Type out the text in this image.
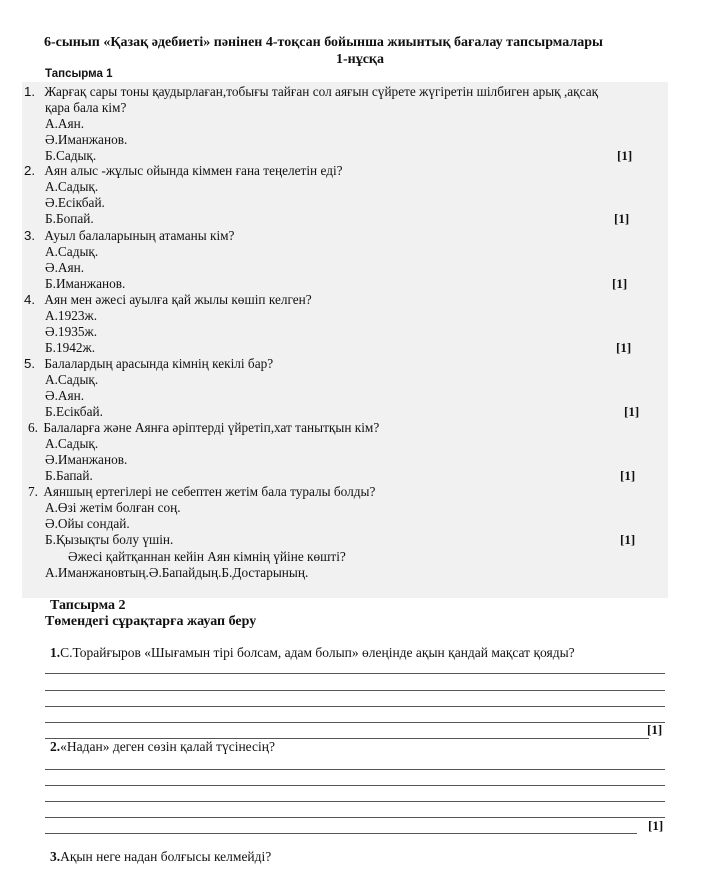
6-сынып «Қазақ әдебиеті» пәнінен 4-тоқсан бойынша жиынтық бағалау тапсырмалары
1-нұсқа
Тапсырма 1
1. Жарғақ сары тоны қаудырлаған,тобығы тайған сол аяғын сүйрете жүгіретін шілбиген арық ,ақсақ
қара бала кім?
А.Аян.
Ә.Иманжанов.
Б.Садық.	[1]
2. Аян алыс -жұлыс ойында кіммен ғана теңелетін еді?
А.Садық.
Ә.Есікбай.
Б.Бопай.	[1]
3. Ауыл балаларының атаманы кім?
А.Садық.
Ә.Аян.
Б.Иманжанов.	[1]
4. Аян мен әжесі ауылға қай жылы көшіп келген?
А.1923ж.
Ә.1935ж.
Б.1942ж.	[1]
5. Балалардың арасында кімнің кекілі бар?
А.Садық.
Ә.Аян.
Б.Есікбай.	[1]
6. Балаларға және Аянға әріптерді үйретіп,хат танытқын кім?
А.Садық.
Ә.Иманжанов.
Б.Бапай.	[1]
7. Аяншың ертегілері не себептен жетім бала туралы болды?
А.Өзі жетім болған соң.
Ә.Ойы сондай.
Б.Қызықты болу үшін.	[1]
Әжесі қайтқаннан кейін Аян кімнің үйіне көшті?
А.Иманжановтың.Ә.Бапайдың.Б.Достарының.
Тапсырма 2
Төмендегі сұрақтарға жауап беру
1.С.Торайғыров «Шығамын тірі болсам, адам болып» өлеңінде ақын қандай мақсат қояды?
[1]
2.«Надан» деген сөзін қалай түсінесің?
[1]
3.Ақын неге надан болғысы келмейді?
